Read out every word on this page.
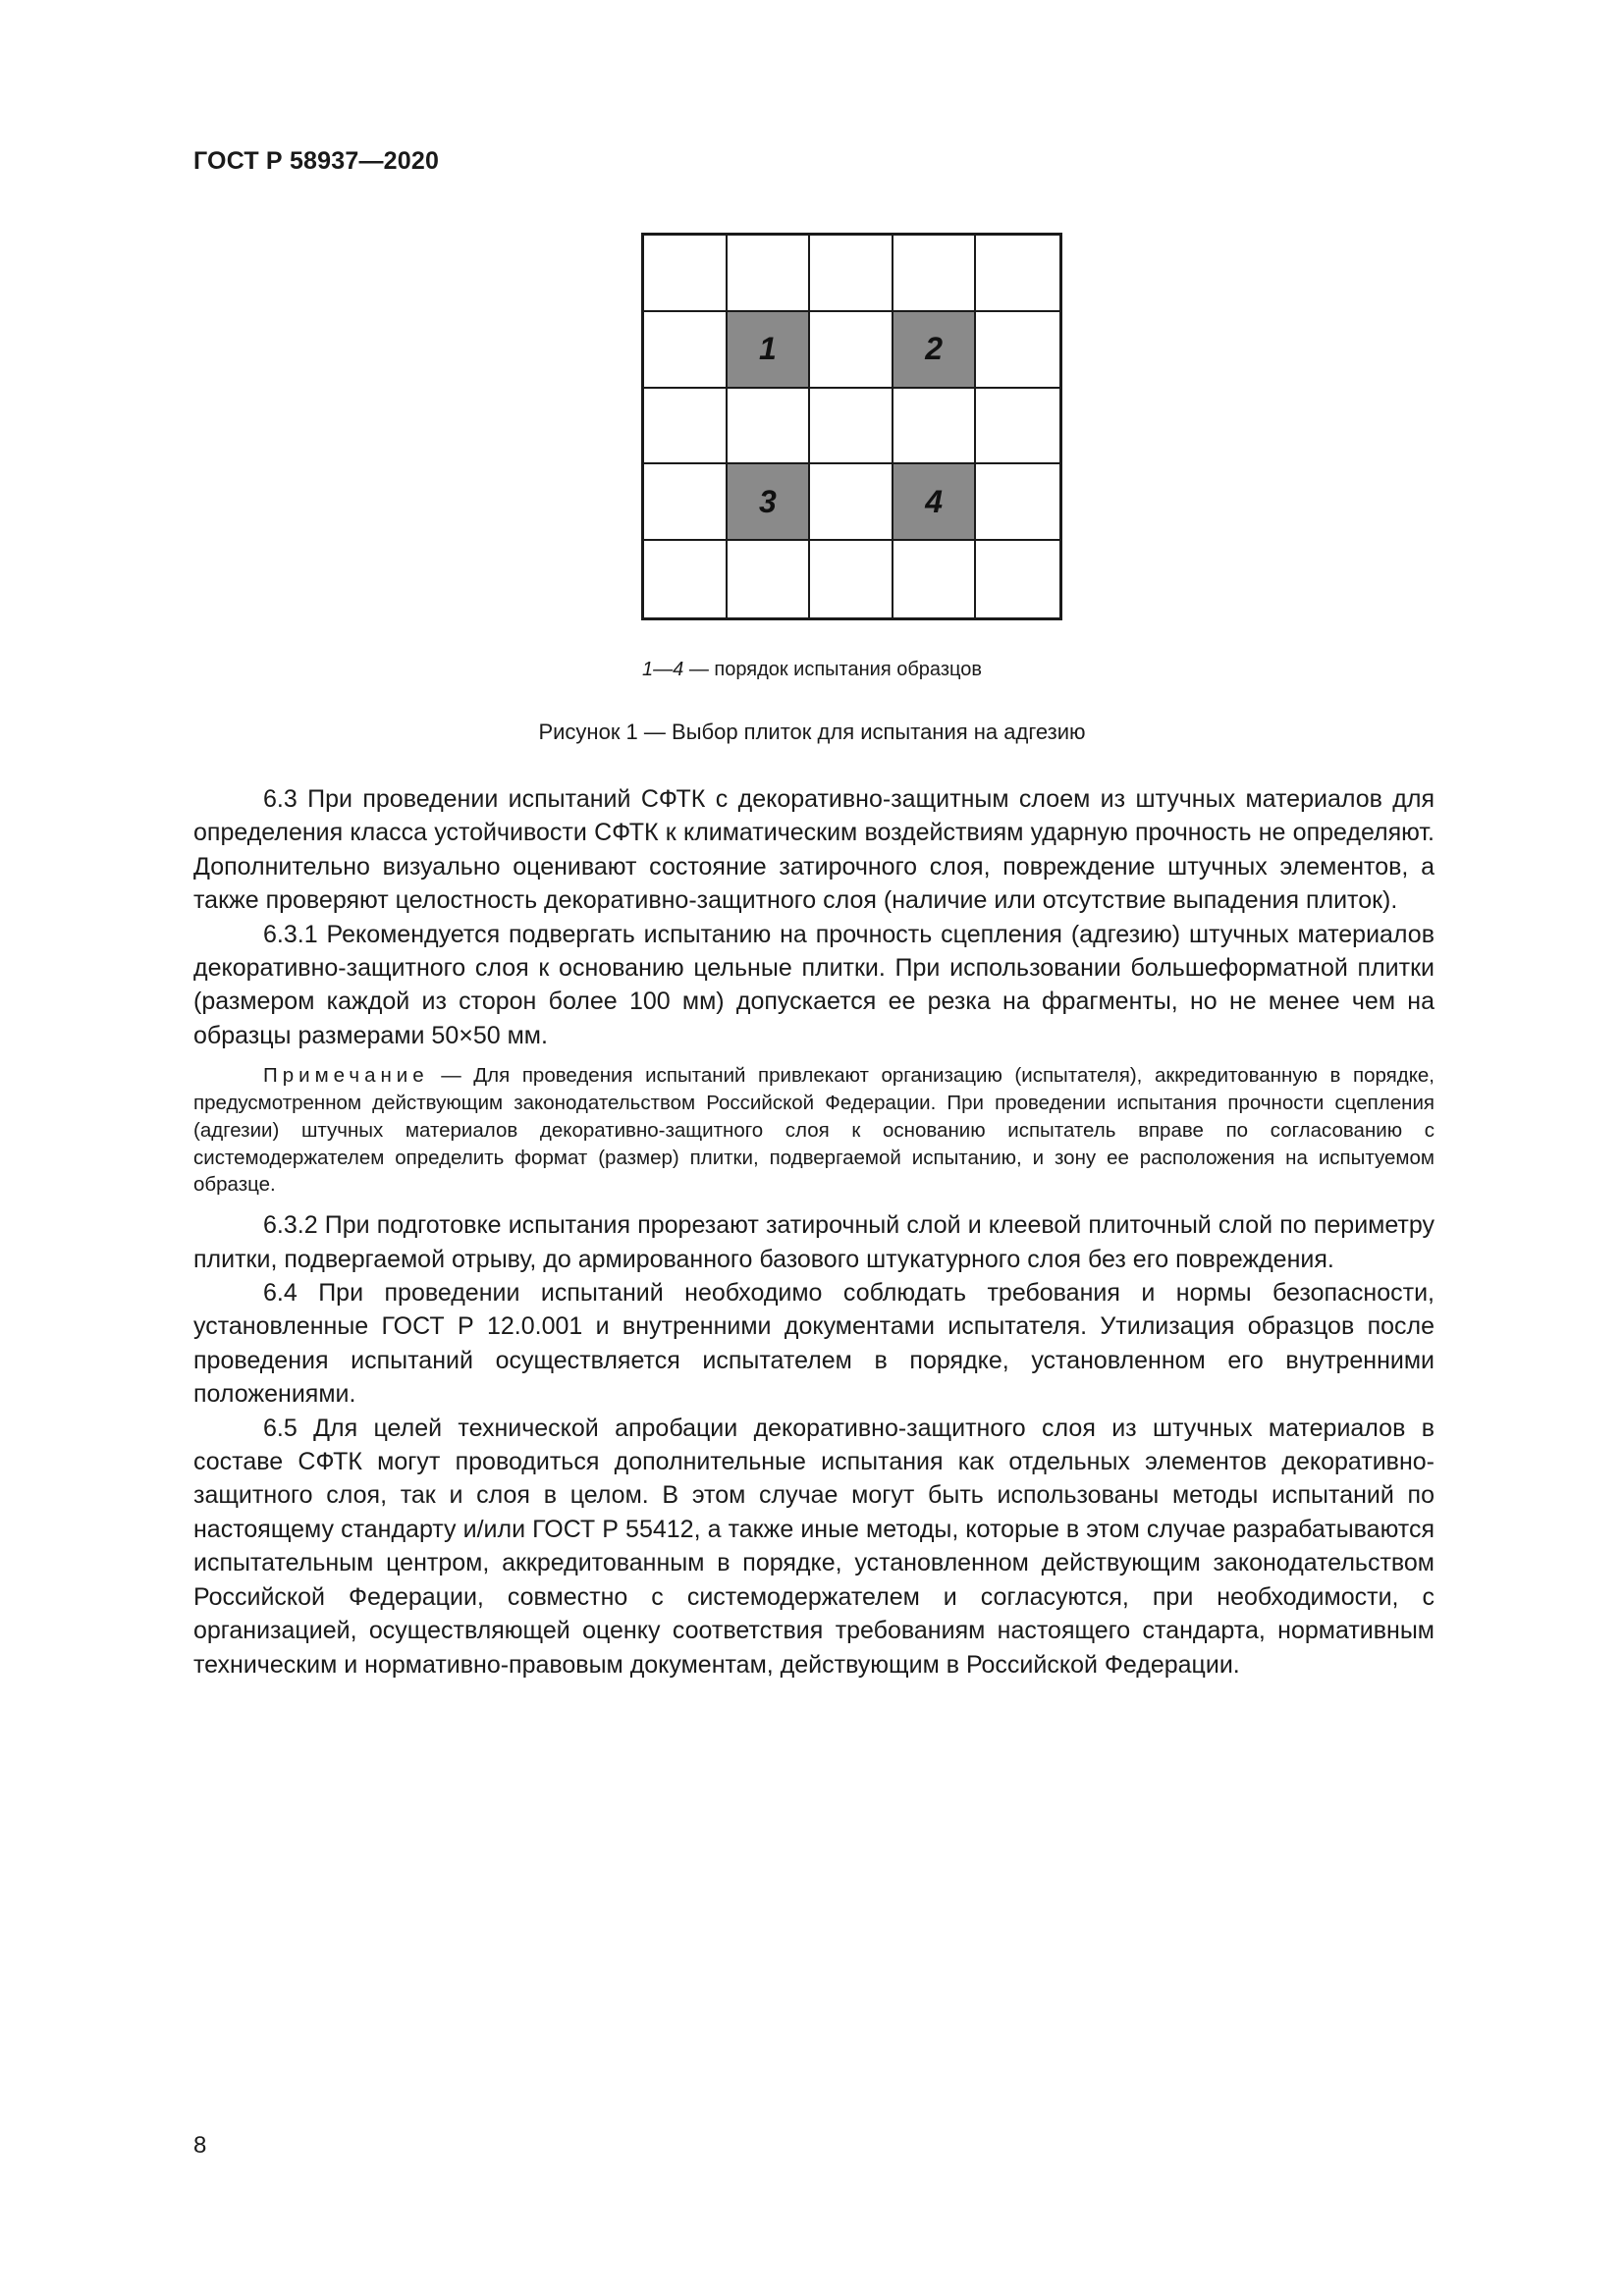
ГОСТ Р 58937—2020
1	2
3	4
1—4 — порядок испытания образцов
Рисунок 1 — Выбор плиток для испытания на адгезию

6.3 При проведении испытаний СФТК с декоративно-защитным слоем из штучных материалов для определения класса устойчивости СФТК к климатическим воздействиям ударную прочность не определяют. Дополнительно визуально оценивают состояние затирочного слоя, повреждение штучных элементов, а также проверяют целостность декоративно-защитного слоя (наличие или отсутствие выпадения плиток).

6.3.1 Рекомендуется подвергать испытанию на прочность сцепления (адгезию) штучных материалов декоративно-защитного слоя к основанию цельные плитки. При использовании большеформатной плитки (размером каждой из сторон более 100 мм) допускается ее резка на фрагменты, но не менее чем на образцы размерами 50×50 мм.

Примечание — Для проведения испытаний привлекают организацию (испытателя), аккредитованную в порядке, предусмотренном действующим законодательством Российской Федерации. При проведении испытания прочности сцепления (адгезии) штучных материалов декоративно-защитного слоя к основанию испытатель вправе по согласованию с системодержателем определить формат (размер) плитки, подвергаемой испытанию, и зону ее расположения на испытуемом образце.

6.3.2 При подготовке испытания прорезают затирочный слой и клеевой плиточный слой по периметру плитки, подвергаемой отрыву, до армированного базового штукатурного слоя без его повреждения.

6.4 При проведении испытаний необходимо соблюдать требования и нормы безопасности, установленные ГОСТ Р 12.0.001 и внутренними документами испытателя. Утилизация образцов после проведения испытаний осуществляется испытателем в порядке, установленном его внутренними положениями.

6.5 Для целей технической апробации декоративно-защитного слоя из штучных материалов в составе СФТК могут проводиться дополнительные испытания как отдельных элементов декоративно-защитного слоя, так и слоя в целом. В этом случае могут быть использованы методы испытаний по настоящему стандарту и/или ГОСТ Р 55412, а также иные методы, которые в этом случае разрабатываются испытательным центром, аккредитованным в порядке, установленном действующим законодательством Российской Федерации, совместно с системодержателем и согласуются, при необходимости, с организацией, осуществляющей оценку соответствия требованиям настоящего стандарта, нормативным техническим и нормативно-правовым документам, действующим в Российской Федерации.

8
